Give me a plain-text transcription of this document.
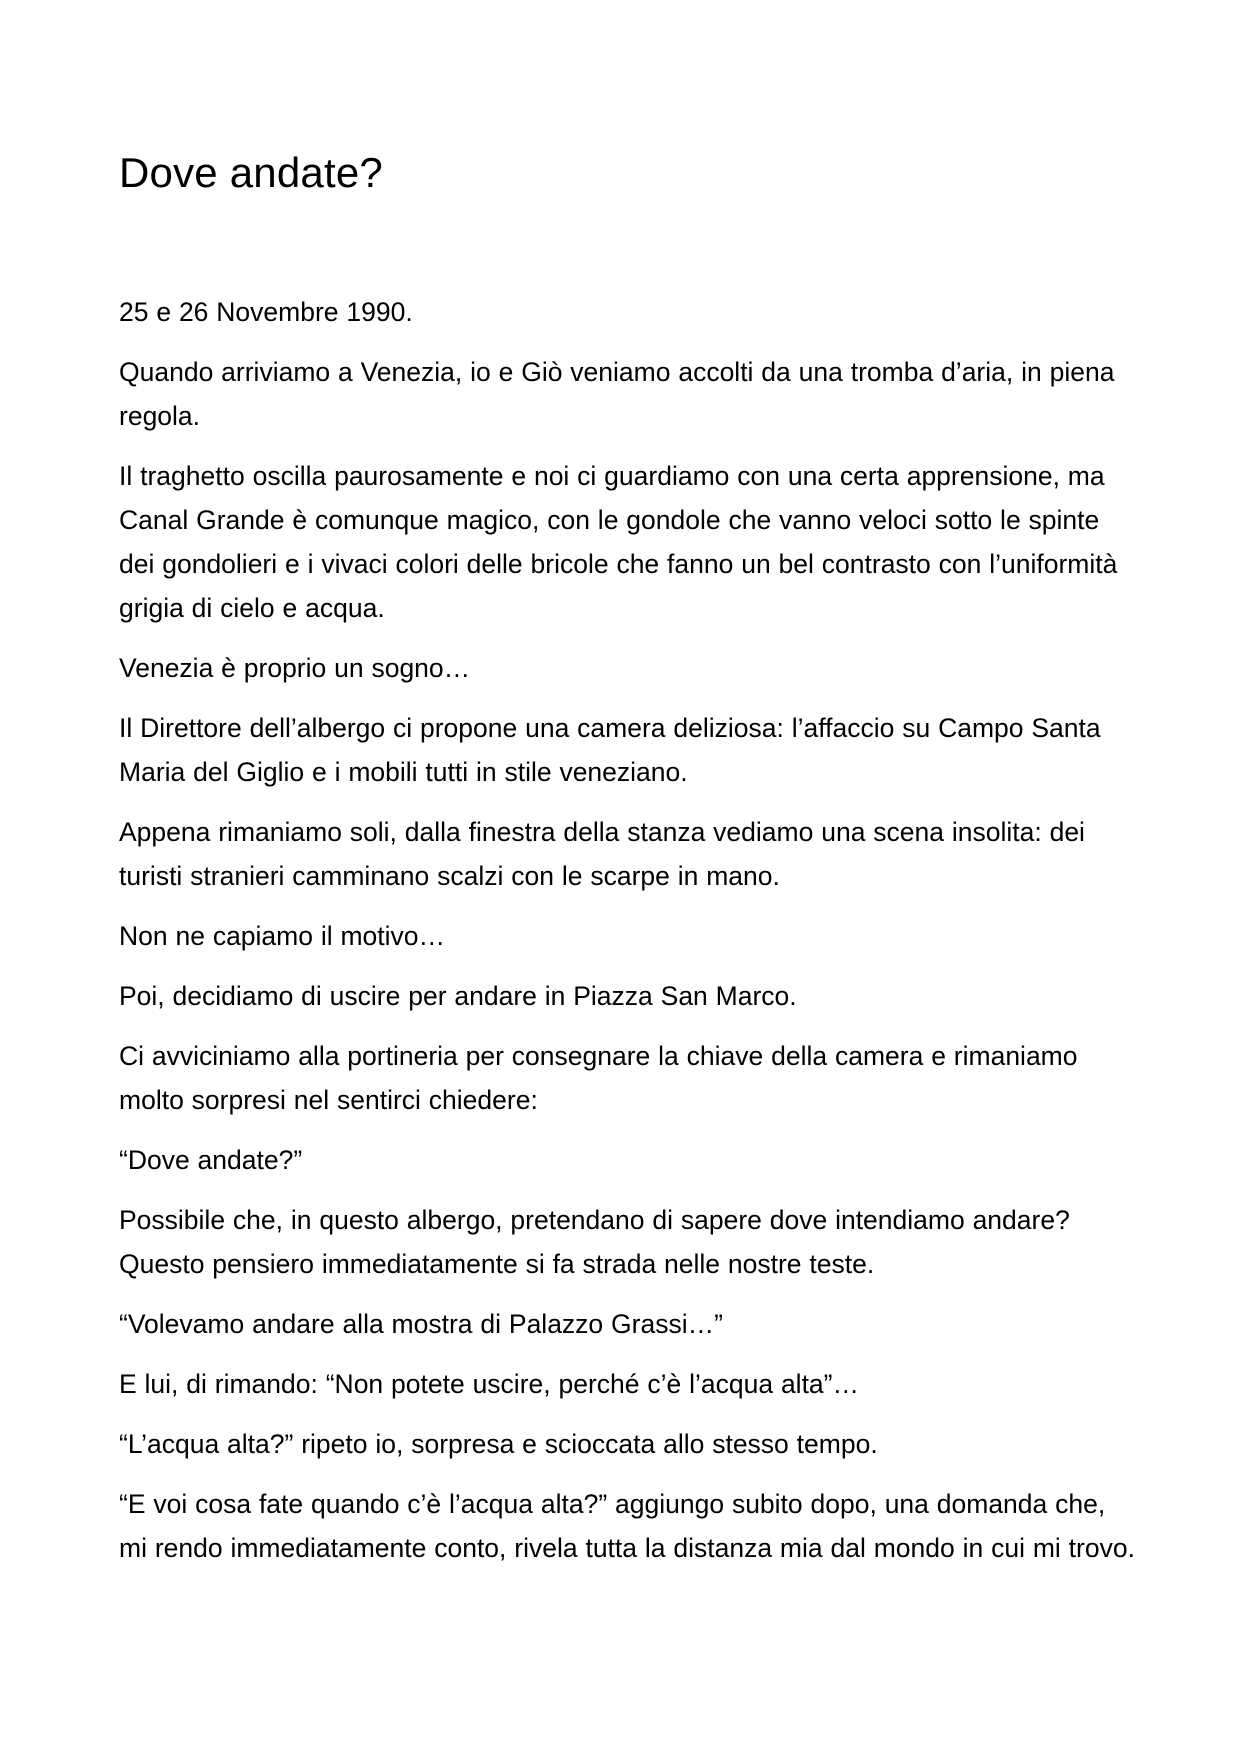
Dove andate?

25 e 26 Novembre 1990.

Quando arriviamo a Venezia, io e Giò veniamo accolti da una tromba d’aria, in piena regola.

Il traghetto oscilla paurosamente e noi ci guardiamo con una certa apprensione, ma Canal Grande è comunque magico, con le gondole che vanno veloci sotto le spinte dei gondolieri e i vivaci colori delle bricole che fanno un bel contrasto con l’uniformità grigia di cielo e acqua.

Venezia è proprio un sogno…

Il Direttore dell’albergo ci propone una camera deliziosa: l’affaccio su Campo Santa Maria del Giglio e i mobili tutti in stile veneziano.

Appena rimaniamo soli, dalla finestra della stanza vediamo una scena insolita: dei turisti stranieri camminano scalzi con le scarpe in mano.

Non ne capiamo il motivo…

Poi, decidiamo di uscire per andare in Piazza San Marco.

Ci avviciniamo alla portineria per consegnare la chiave della camera e rimaniamo molto sorpresi nel sentirci chiedere:

“Dove andate?”

Possibile che, in questo albergo, pretendano di sapere dove intendiamo andare? Questo pensiero immediatamente si fa strada nelle nostre teste.

“Volevamo andare alla mostra di Palazzo Grassi…”

E lui, di rimando: “Non potete uscire, perché c’è l’acqua alta”…

“L’acqua alta?” ripeto io, sorpresa e scioccata allo stesso tempo.

“E voi cosa fate quando c’è l’acqua alta?” aggiungo subito dopo, una domanda che, mi rendo immediatamente conto, rivela tutta la distanza mia dal mondo in cui mi trovo.
